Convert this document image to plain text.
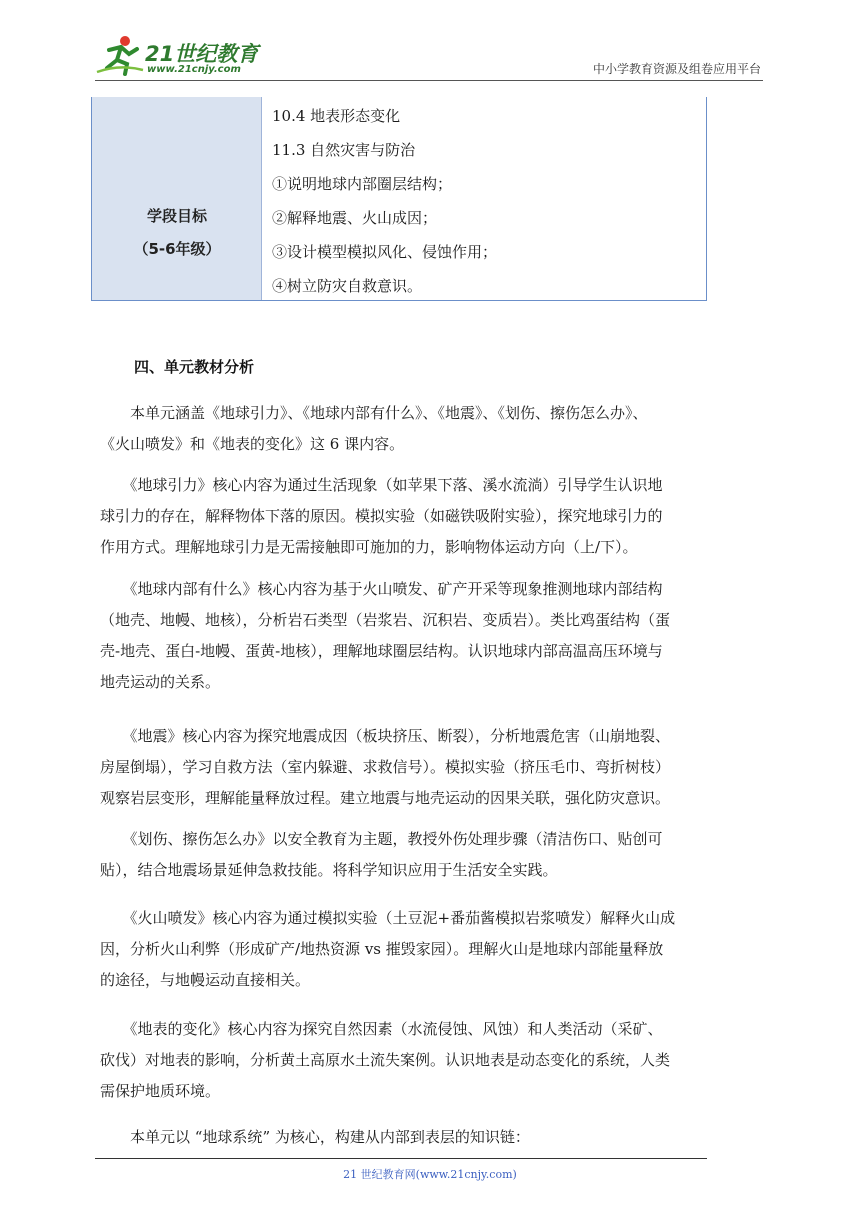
21世纪教育
www.21cnjy.com	中小学教育资源及组卷应用平台
学段目标
（5-6年级）
10.4 地表形态变化
11.3 自然灾害与防治
①说明地球内部圈层结构；
②解释地震、火山成因；
③设计模型模拟风化、侵蚀作用；
④树立防灾自救意识。
四、单元教材分析
　　本单元涵盖《地球引力》、《地球内部有什么》、《地震》、《划伤、擦伤怎么办》、
《火山喷发》和《地表的变化》这 6 课内容。
　　《地球引力》核心内容为通过生活现象（如苹果下落、溪水流淌）引导学生认识地
球引力的存在，解释物体下落的原因。模拟实验（如磁铁吸附实验），探究地球引力的
作用方式。理解地球引力是无需接触即可施加的力，影响物体运动方向（上/下）。
　　《地球内部有什么》核心内容为基于火山喷发、矿产开采等现象推测地球内部结构
（地壳、地幔、地核），分析岩石类型（岩浆岩、沉积岩、变质岩）。类比鸡蛋结构（蛋
壳-地壳、蛋白-地幔、蛋黄-地核），理解地球圈层结构。认识地球内部高温高压环境与
地壳运动的关系。
　　《地震》核心内容为探究地震成因（板块挤压、断裂），分析地震危害（山崩地裂、
房屋倒塌），学习自救方法（室内躲避、求救信号）。模拟实验（挤压毛巾、弯折树枝）
观察岩层变形，理解能量释放过程。建立地震与地壳运动的因果关联，强化防灾意识。
　　《划伤、擦伤怎么办》以安全教育为主题，教授外伤处理步骤（清洁伤口、贴创可
贴），结合地震场景延伸急救技能。将科学知识应用于生活安全实践。
　　《火山喷发》核心内容为通过模拟实验（土豆泥+番茄酱模拟岩浆喷发）解释火山成
因，分析火山利弊（形成矿产/地热资源 vs 摧毁家园）。理解火山是地球内部能量释放
的途径，与地幔运动直接相关。
　　《地表的变化》核心内容为探究自然因素（水流侵蚀、风蚀）和人类活动（采矿、
砍伐）对地表的影响，分析黄土高原水土流失案例。认识地表是动态变化的系统，人类
需保护地质环境。
　　本单元以 “地球系统” 为核心，构建从内部到表层的知识链：
21 世纪教育网(www.21cnjy.com)
